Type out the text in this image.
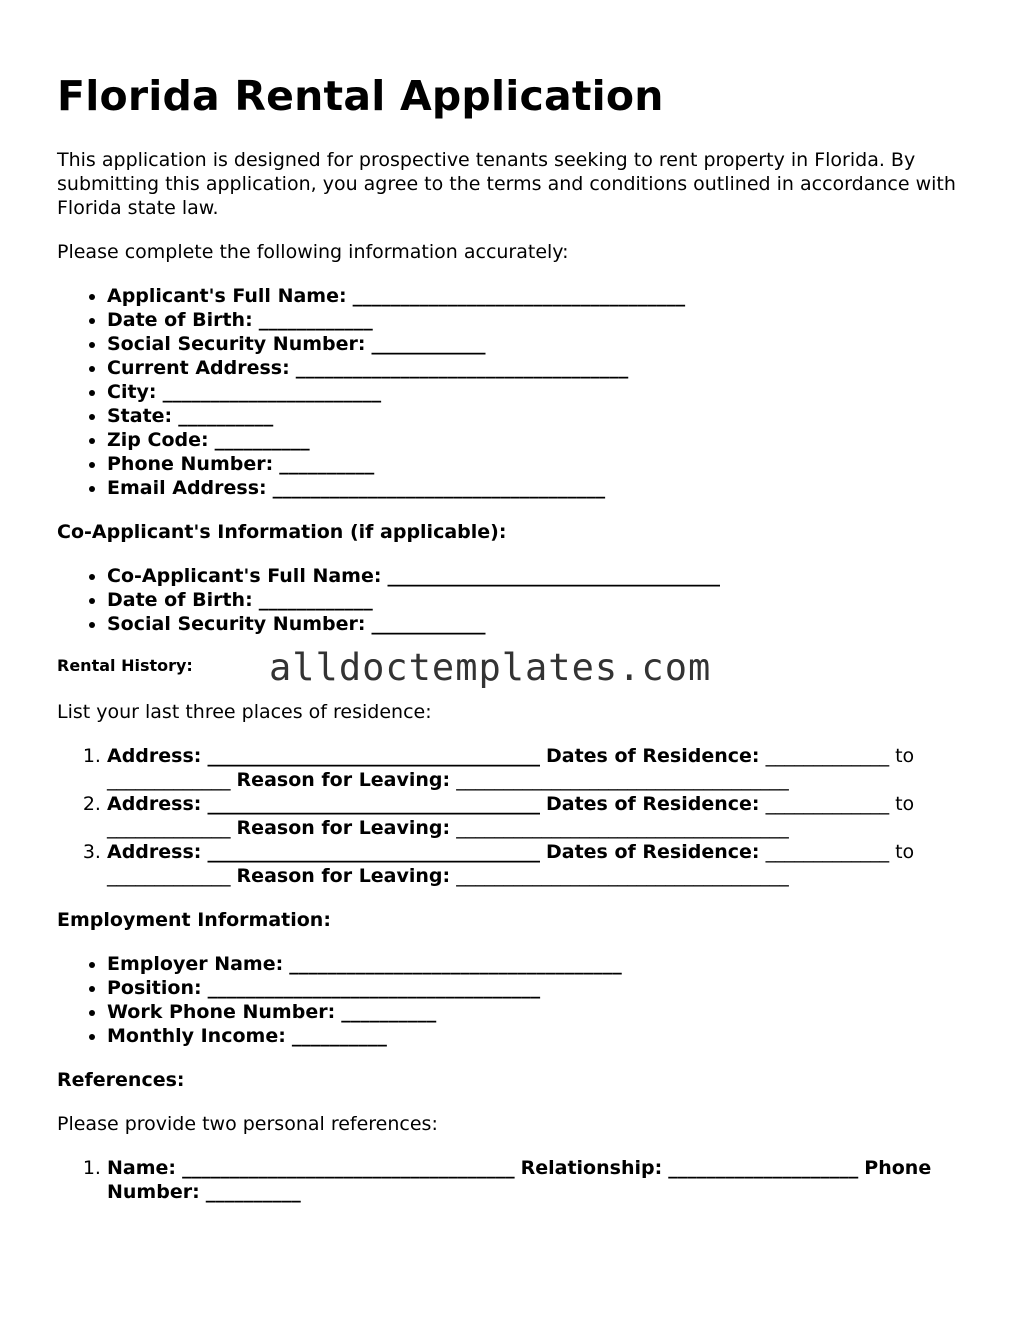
Florida Rental Application

This application is designed for prospective tenants seeking to rent property in Florida. By submitting this application, you agree to the terms and conditions outlined in accordance with Florida state law.

Please complete the following information accurately:

• Applicant's Full Name: ___________________________________
• Date of Birth: ____________
• Social Security Number: ____________
• Current Address: ___________________________________
• City: _______________________
• State: __________
• Zip Code: __________
• Phone Number: __________
• Email Address: ___________________________________
Co-Applicant's Information (if applicable):
• Co-Applicant's Full Name: ___________________________________
• Date of Birth: ____________
• Social Security Number: ____________
Rental History: alldoctemplates.com

List your last three places of residence:

1. Address: ___________________________________ Dates of Residence: _____________ to _____________ Reason for Leaving: ___________________________________
2. Address: ___________________________________ Dates of Residence: _____________ to _____________ Reason for Leaving: ___________________________________
3. Address: ___________________________________ Dates of Residence: _____________ to _____________ Reason for Leaving: ___________________________________
Employment Information:
• Employer Name: ___________________________________
• Position: ___________________________________
• Work Phone Number: __________
• Monthly Income: __________
References:

Please provide two personal references:

1. Name: ___________________________________ Relationship: ____________________ Phone Number: __________
